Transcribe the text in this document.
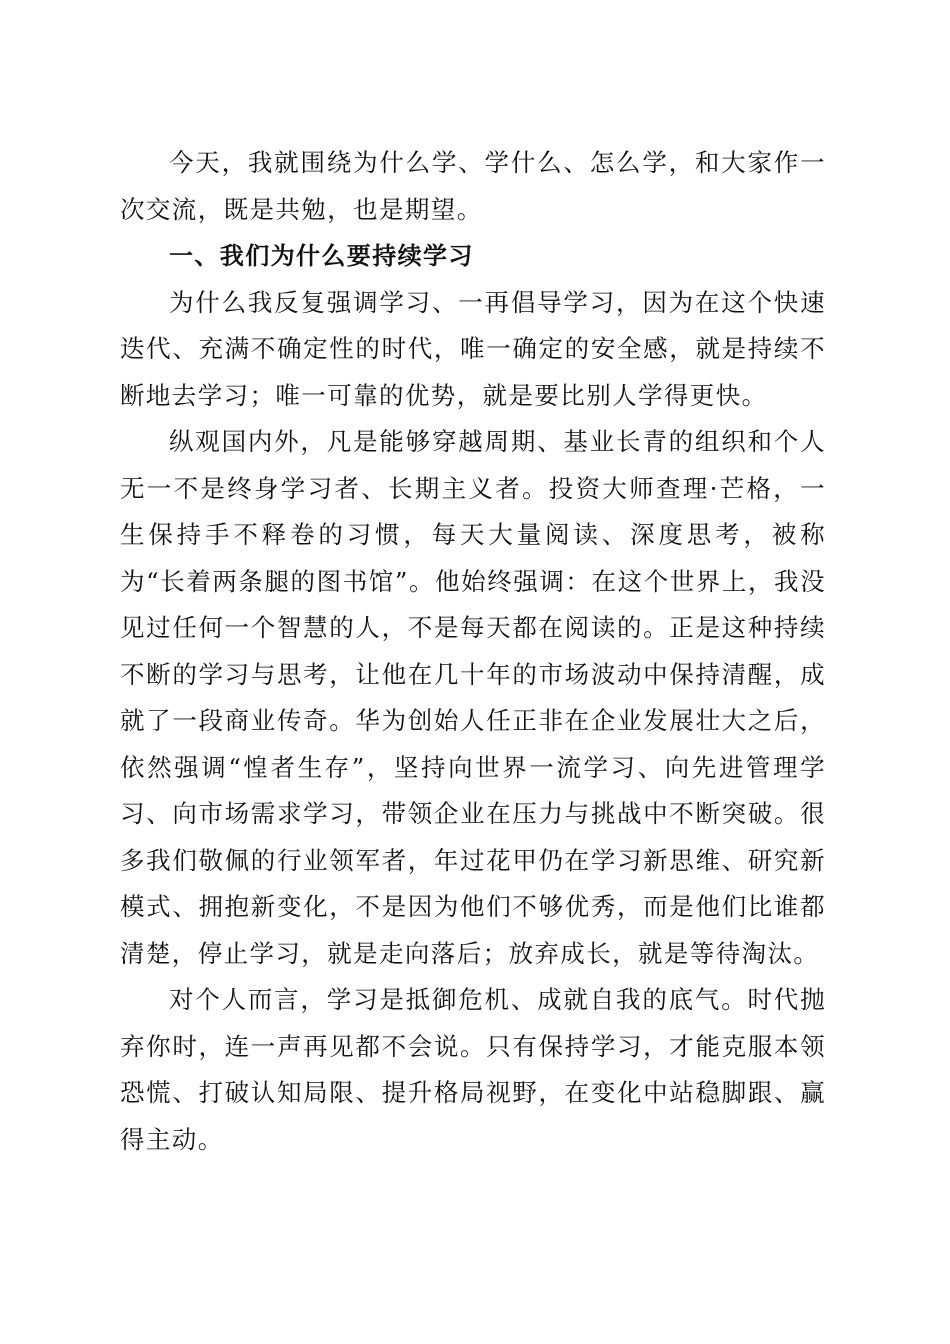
今天，我就围绕为什么学、学什么、怎么学，和大家作一次交流，既是共勉，也是期望。

一、我们为什么要持续学习

为什么我反复强调学习、一再倡导学习，因为在这个快速迭代、充满不确定性的时代，唯一确定的安全感，就是持续不断地去学习；唯一可靠的优势，就是要比别人学得更快。

纵观国内外，凡是能够穿越周期、基业长青的组织和个人无一不是终身学习者、长期主义者。投资大师查理·芒格，一生保持手不释卷的习惯，每天大量阅读、深度思考，被称为“长着两条腿的图书馆”。他始终强调：在这个世界上，我没见过任何一个智慧的人，不是每天都在阅读的。正是这种持续不断的学习与思考，让他在几十年的市场波动中保持清醒，成就了一段商业传奇。华为创始人任正非在企业发展壮大之后，依然强调“惶者生存”，坚持向世界一流学习、向先进管理学习、向市场需求学习，带领企业在压力与挑战中不断突破。很多我们敬佩的行业领军者，年过花甲仍在学习新思维、研究新模式、拥抱新变化，不是因为他们不够优秀，而是他们比谁都清楚，停止学习，就是走向落后；放弃成长，就是等待淘汰。

对个人而言，学习是抵御危机、成就自我的底气。时代抛弃你时，连一声再见都不会说。只有保持学习，才能克服本领恐慌、打破认知局限、提升格局视野，在变化中站稳脚跟、赢得主动。
